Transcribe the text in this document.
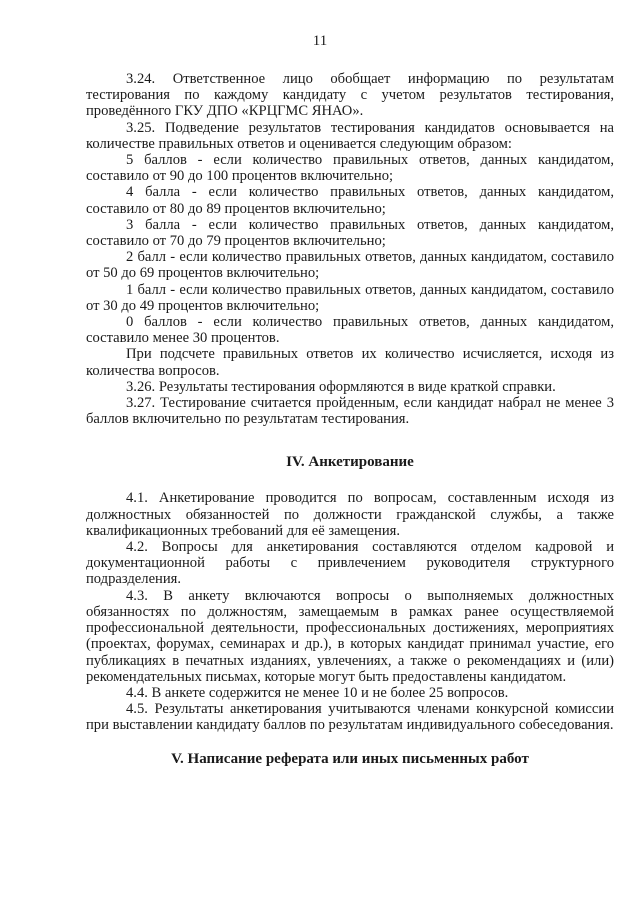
11

3.24. Ответственное лицо обобщает информацию по результатам тестирования по каждому кандидату с учетом результатов тестирования, проведённого ГКУ ДПО «КРЦГМС ЯНАО».

3.25. Подведение результатов тестирования кандидатов основывается на количестве правильных ответов и оценивается следующим образом:

5 баллов - если количество правильных ответов, данных кандидатом, составило от 90 до 100 процентов включительно;

4 балла - если количество правильных ответов, данных кандидатом, составило от 80 до 89 процентов включительно;

3 балла - если количество правильных ответов, данных кандидатом, составило от 70 до 79 процентов включительно;

2 балл - если количество правильных ответов, данных кандидатом, составило от 50 до 69 процентов включительно;

1 балл - если количество правильных ответов, данных кандидатом, составило от 30 до 49 процентов включительно;

0 баллов - если количество правильных ответов, данных кандидатом, составило менее 30 процентов.

При подсчете правильных ответов их количество исчисляется, исходя из количества вопросов.

3.26. Результаты тестирования оформляются в виде краткой справки.

3.27. Тестирование считается пройденным, если кандидат набрал не менее 3 баллов включительно по результатам тестирования.

IV. Анкетирование

4.1. Анкетирование проводится по вопросам, составленным исходя из должностных обязанностей по должности гражданской службы, а также квалификационных требований для её замещения.

4.2. Вопросы для анкетирования составляются отделом кадровой и документационной работы с привлечением руководителя структурного подразделения.

4.3. В анкету включаются вопросы о выполняемых должностных обязанностях по должностям, замещаемым в рамках ранее осуществляемой профессиональной деятельности, профессиональных достижениях, мероприятиях (проектах, форумах, семинарах и др.), в которых кандидат принимал участие, его публикациях в печатных изданиях, увлечениях, а также о рекомендациях и (или) рекомендательных письмах, которые могут быть предоставлены кандидатом.

4.4. В анкете содержится не менее 10 и не более 25 вопросов.

4.5. Результаты анкетирования учитываются членами конкурсной комиссии при выставлении кандидату баллов по результатам индивидуального собеседования.

V. Написание реферата или иных письменных работ
